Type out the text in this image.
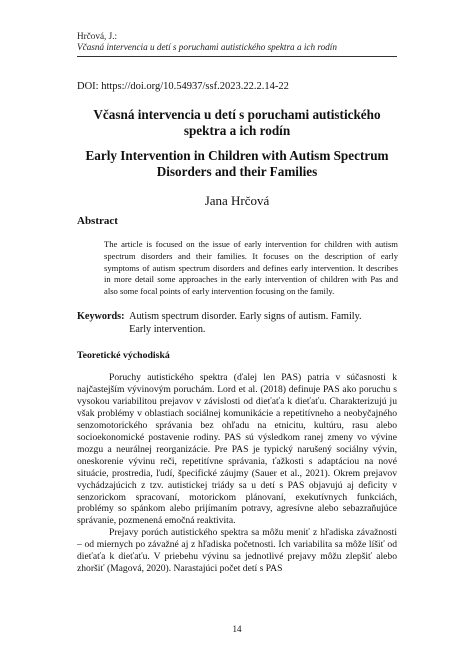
Hrčová, J.:
Včasná intervencia u detí s poruchami autistického spektra a ich rodín
DOI: https://doi.org/10.54937/ssf.2023.22.2.14-22
Včasná intervencia u detí s poruchami autistického spektra a ich rodín
Early Intervention in Children with Autism Spectrum Disorders and their Families
Jana Hrčová
Abstract
The article is focused on the issue of early intervention for children with autism spectrum disorders and their families. It focuses on the description of early symptoms of autism spectrum disorders and defines early intervention. It describes in more detail some approaches in the early intervention of children with Pas and also some focal points of early intervention focusing on the family.
Keywords: Autism spectrum disorder. Early signs of autism. Family. Early intervention.
Teoretické východiská

Poruchy autistického spektra (ďalej len PAS) patria v súčasnosti k najčastejším vývinovým poruchám. Lord et al. (2018) definuje PAS ako poruchu s vysokou variabilitou prejavov v závislosti od dieťaťa k dieťaťu. Charakterizujú ju však problémy v oblastiach sociálnej komunikácie a repetitívneho a neobyčajného senzomotorického správania bez ohľadu na etnicitu, kultúru, rasu alebo socioekonomické postavenie rodiny. PAS sú výsledkom ranej zmeny vo vývine mozgu a neurálnej reorganizácie. Pre PAS je typický narušený sociálny vývin, oneskorenie vývinu reči, repetitívne správania, ťažkosti s adaptáciou na nové situácie, prostredia, ľudí, špecifické záujmy (Sauer et al., 2021). Okrem prejavov vychádzajúcich z tzv. autistickej triády sa u detí s PAS objavujú aj deficity v senzorickom spracovaní, motorickom plánovaní, exekutívnych funkciách, problémy so spánkom alebo prijímaním potravy, agresívne alebo sebazraňujúce správanie, pozmenená emočná reaktivita.

Prejavy porúch autistického spektra sa môžu meniť z hľadiska závažnosti – od miernych po závažné aj z hľadiska početnosti. Ich variabilita sa môže líšiť od dieťaťa k dieťaťu. V priebehu vývinu sa jednotlivé prejavy môžu zlepšiť alebo zhoršiť (Magová, 2020). Narastajúci počet detí s PAS

14
